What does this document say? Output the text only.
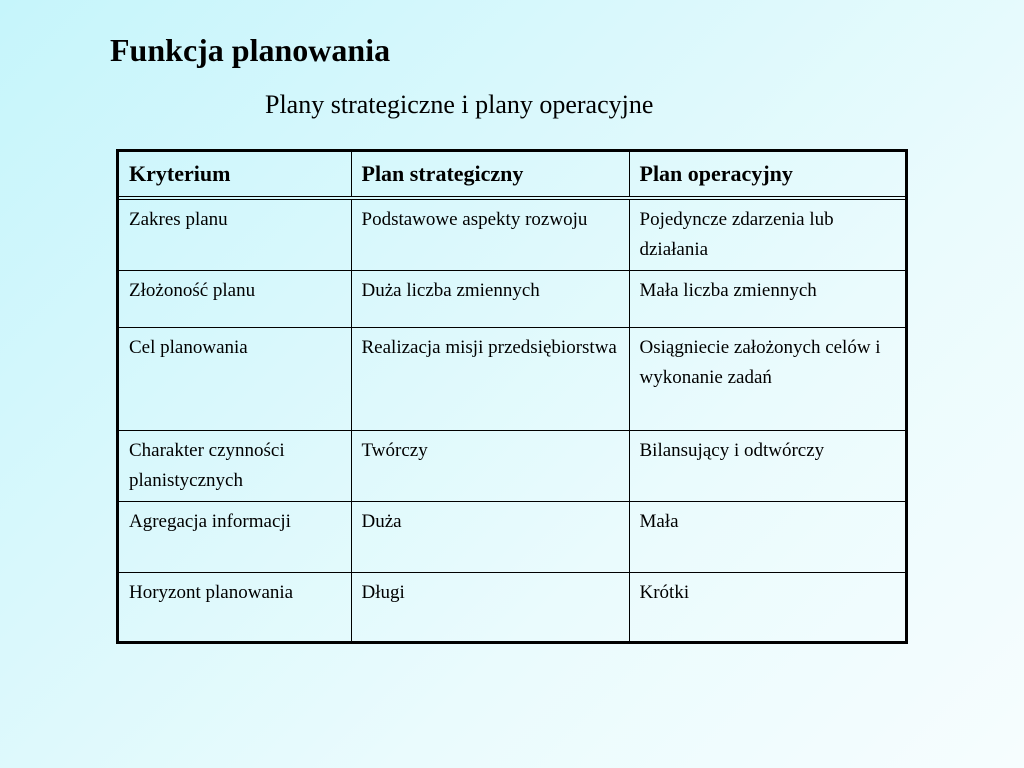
Funkcja planowania

Plany strategiczne i plany operacyjne

Kryterium	Plan strategiczny	Plan operacyjny
Zakres planu	Podstawowe aspekty rozwoju	Pojedyncze zdarzenia lub działania
Złożoność planu	Duża liczba zmiennych	Mała liczba zmiennych
Cel planowania	Realizacja misji przedsiębiorstwa	Osiągniecie założonych celów i wykonanie zadań
Charakter czynności planistycznych	Twórczy	Bilansujący i odtwórczy
Agregacja informacji	Duża	Mała
Horyzont planowania	Długi	Krótki
